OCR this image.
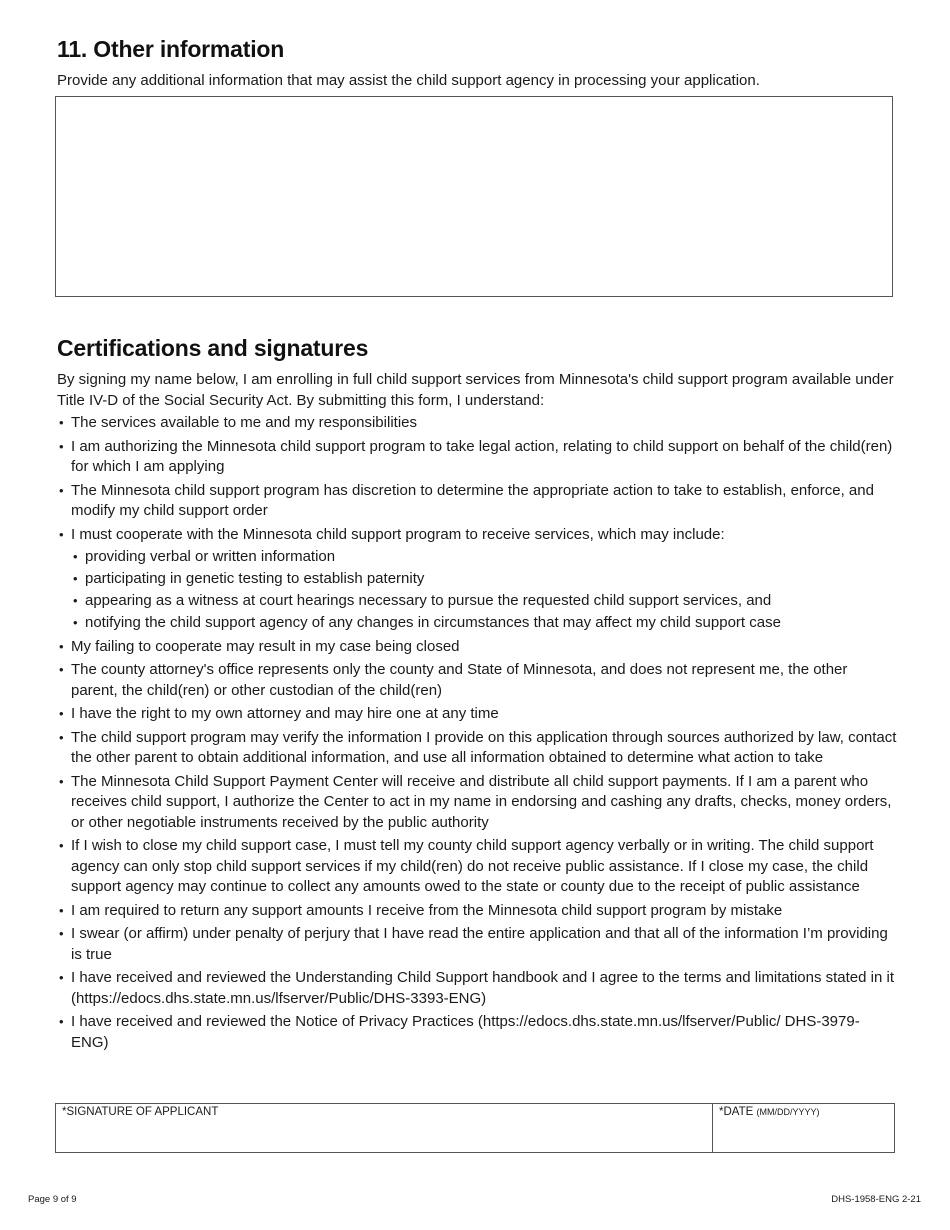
11. Other information

Provide any additional information that may assist the child support agency in processing your application.

Certifications and signatures

By signing my name below, I am enrolling in full child support services from Minnesota's child support program available under Title IV-D of the Social Security Act. By submitting this form, I understand:

• The services available to me and my responsibilities
• I am authorizing the Minnesota child support program to take legal action, relating to child support on behalf of the child(ren) for which I am applying
• The Minnesota child support program has discretion to determine the appropriate action to take to establish, enforce, and modify my child support order
• I must cooperate with the Minnesota child support program to receive services, which may include:
• providing verbal or written information
• participating in genetic testing to establish paternity
• appearing as a witness at court hearings necessary to pursue the requested child support services, and
• notifying the child support agency of any changes in circumstances that may affect my child support case
• My failing to cooperate may result in my case being closed
• The county attorney's office represents only the county and State of Minnesota, and does not represent me, the other parent, the child(ren) or other custodian of the child(ren)
• I have the right to my own attorney and may hire one at any time
• The child support program may verify the information I provide on this application through sources authorized by law, contact the other parent to obtain additional information, and use all information obtained to determine what action to take
• The Minnesota Child Support Payment Center will receive and distribute all child support payments. If I am a parent who receives child support, I authorize the Center to act in my name in endorsing and cashing any drafts, checks, money orders, or other negotiable instruments received by the public authority
• If I wish to close my child support case, I must tell my county child support agency verbally or in writing. The child support agency can only stop child support services if my child(ren) do not receive public assistance. If I close my case, the child support agency may continue to collect any amounts owed to the state or county due to the receipt of public assistance
• I am required to return any support amounts I receive from the Minnesota child support program by mistake
• I swear (or affirm) under penalty of perjury that I have read the entire application and that all of the information I’m providing is true
• I have received and reviewed the Understanding Child Support handbook and I agree to the terms and limitations stated in it (https://edocs.dhs.state.mn.us/lfserver/Public/DHS-3393-ENG)
• I have received and reviewed the Notice of Privacy Practices (https://edocs.dhs.state.mn.us/lfserver/Public/ DHS-3979-ENG)
*SIGNATURE OF APPLICANT	*DATE (MM/DD/YYYY)
Page 9 of 9	DHS-1958-ENG 2-21
